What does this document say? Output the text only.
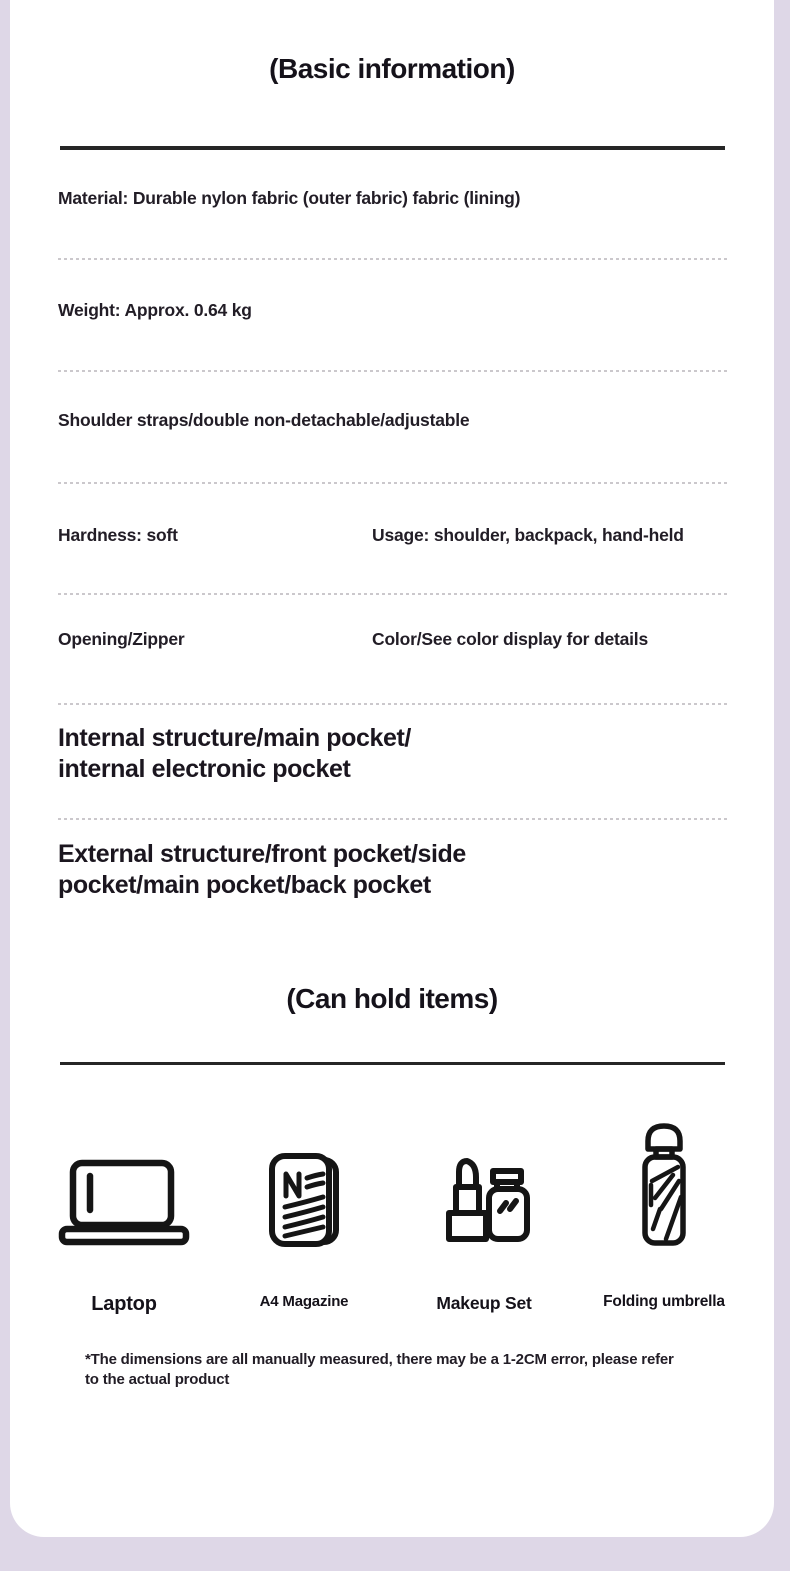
(Basic information)
Material: Durable nylon fabric (outer fabric) fabric (lining)
Weight: Approx. 0.64 kg
Shoulder straps/double non-detachable/adjustable
Hardness: soft	Usage: shoulder, backpack, hand-held
Opening/Zipper	Color/See color display for details
Internal structure/main pocket/
internal electronic pocket
External structure/front pocket/side
pocket/main pocket/back pocket
(Can hold items)
Laptop	A4 Magazine	Makeup Set	Folding umbrella
*The dimensions are all manually measured, there may be a 1-2CM error, please refer to the actual product
